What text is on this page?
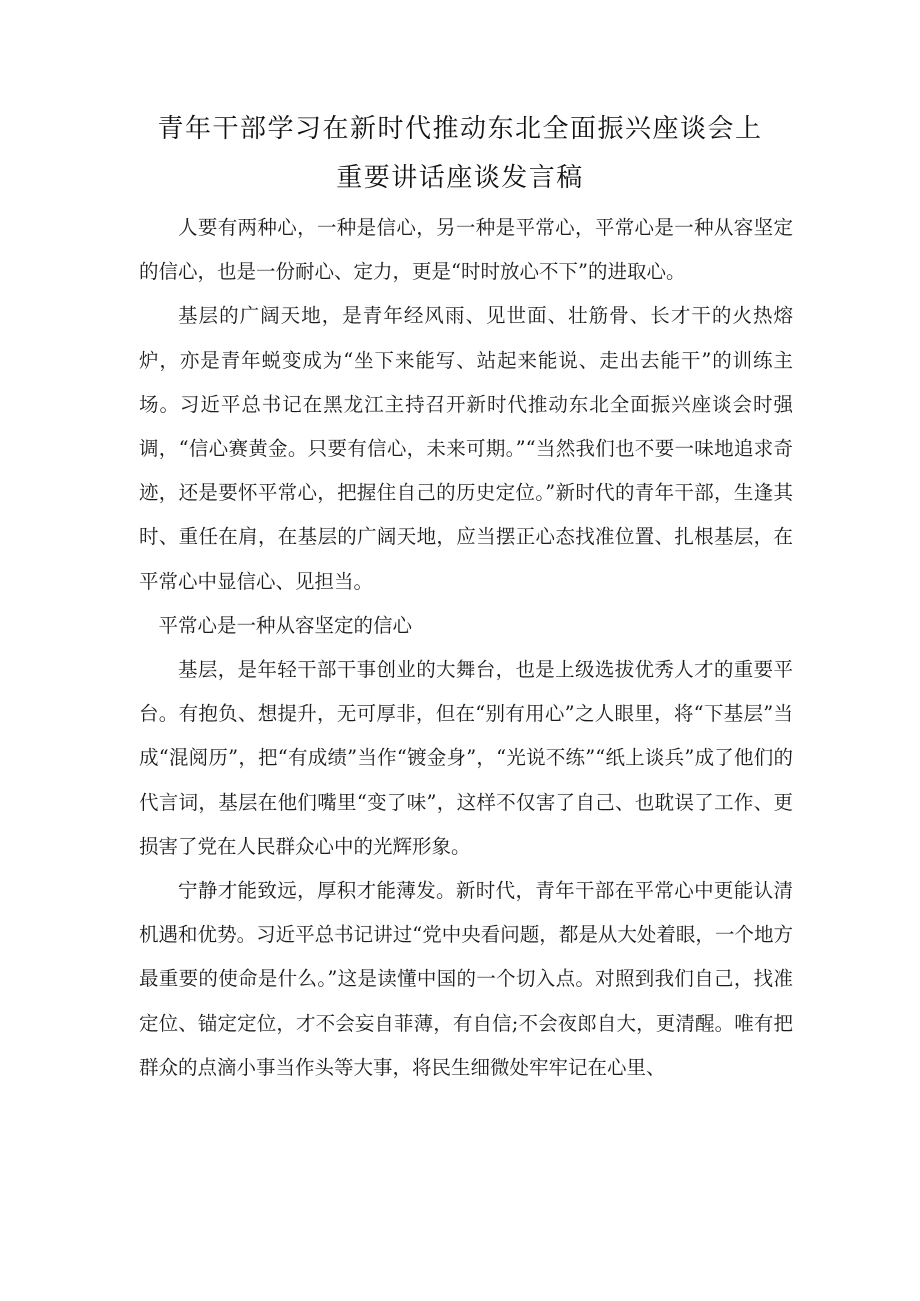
青年干部学习在新时代推动东北全面振兴座谈会上
重要讲话座谈发言稿

人要有两种心，一种是信心，另一种是平常心，平常心是一种从容坚定的信心，也是一份耐心、定力，更是“时时放心不下”的进取心。

基层的广阔天地，是青年经风雨、见世面、壮筋骨、长才干的火热熔炉，亦是青年蜕变成为“坐下来能写、站起来能说、走出去能干”的训练主场。习近平总书记在黑龙江主持召开新时代推动东北全面振兴座谈会时强调，“信心赛黄金。只要有信心，未来可期。”“当然我们也不要一味地追求奇迹，还是要怀平常心，把握住自己的历史定位。”新时代的青年干部，生逢其时、重任在肩，在基层的广阔天地，应当摆正心态找准位置、扎根基层，在平常心中显信心、见担当。

平常心是一种从容坚定的信心

基层，是年轻干部干事创业的大舞台，也是上级选拔优秀人才的重要平台。有抱负、想提升，无可厚非，但在“别有用心”之人眼里，将“下基层”当成“混阅历”，把“有成绩”当作“镀金身”，“光说不练”“纸上谈兵”成了他们的代言词，基层在他们嘴里“变了味”，这样不仅害了自己、也耽误了工作、更损害了党在人民群众心中的光辉形象。

宁静才能致远，厚积才能薄发。新时代，青年干部在平常心中更能认清机遇和优势。习近平总书记讲过“党中央看问题，都是从大处着眼，一个地方最重要的使命是什么。”这是读懂中国的一个切入点。对照到我们自己，找准定位、锚定定位，才不会妄自菲薄，有自信;不会夜郎自大，更清醒。唯有把群众的点滴小事当作头等大事，将民生细微处牢牢记在心里、
